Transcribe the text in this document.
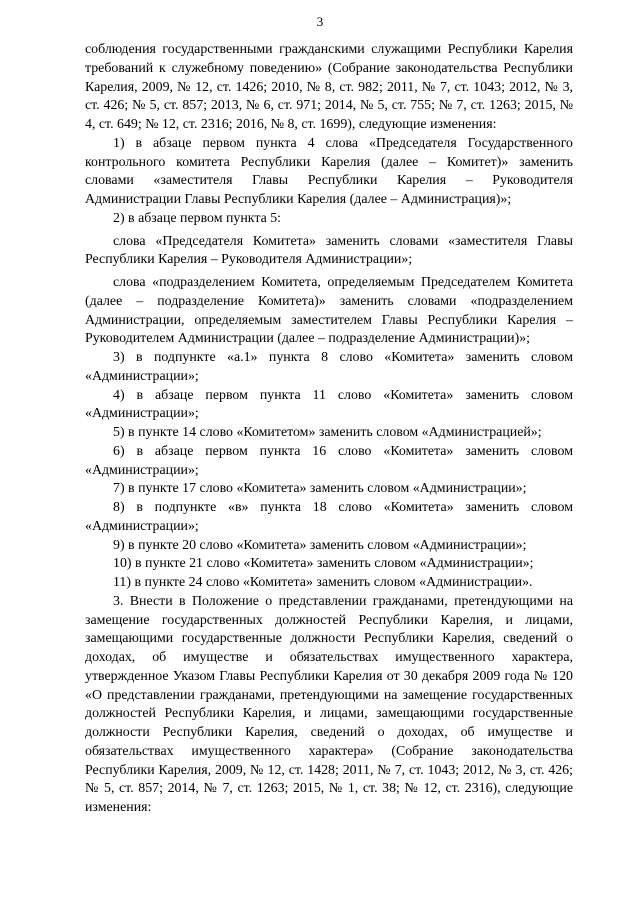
3

соблюдения государственными гражданскими служащими Республики Карелия требований к служебному поведению» (Собрание законодательства Республики Карелия, 2009, № 12, ст. 1426; 2010, № 8, ст. 982; 2011, № 7, ст. 1043; 2012, № 3, ст. 426; № 5, ст. 857; 2013, № 6, ст. 971; 2014, № 5, ст. 755; № 7, ст. 1263; 2015, № 4, ст. 649; № 12, ст. 2316; 2016, № 8, ст. 1699), следующие изменения:

1) в абзаце первом пункта 4 слова «Председателя Государственного контрольного комитета Республики Карелия (далее – Комитет)» заменить словами «заместителя Главы Республики Карелия – Руководителя Администрации Главы Республики Карелия (далее – Администрация)»;

2) в абзаце первом пункта 5:

слова «Председателя Комитета» заменить словами «заместителя Главы Республики Карелия – Руководителя Администрации»;

слова «подразделением Комитета, определяемым Председателем Комитета (далее – подразделение Комитета)» заменить словами «подразделением Администрации, определяемым заместителем Главы Республики Карелия – Руководителем Администрации (далее – подразделение Администрации)»;

3) в подпункте «а.1» пункта 8 слово «Комитета» заменить словом «Администрации»;

4) в абзаце первом пункта 11 слово «Комитета» заменить словом «Администрации»;

5) в пункте 14 слово «Комитетом» заменить словом «Администрацией»;

6) в абзаце первом пункта 16 слово «Комитета» заменить словом «Администрации»;

7) в пункте 17 слово «Комитета» заменить словом «Администрации»;

8) в подпункте «в» пункта 18 слово «Комитета» заменить словом «Администрации»;

9) в пункте 20 слово «Комитета» заменить словом «Администрации»;

10) в пункте 21 слово «Комитета» заменить словом «Администрации»;

11) в пункте 24 слово «Комитета» заменить словом «Администрации».

3. Внести в Положение о представлении гражданами, претендующими на замещение государственных должностей Республики Карелия, и лицами, замещающими государственные должности Республики Карелия, сведений о доходах, об имуществе и обязательствах имущественного характера, утвержденное Указом Главы Республики Карелия от 30 декабря 2009 года № 120 «О представлении гражданами, претендующими на замещение государственных должностей Республики Карелия, и лицами, замещающими государственные должности Республики Карелия, сведений о доходах, об имуществе и обязательствах имущественного характера» (Собрание законодательства Республики Карелия, 2009, № 12, ст. 1428; 2011, № 7, ст. 1043; 2012, № 3, ст. 426; № 5, ст. 857; 2014, № 7, ст. 1263; 2015, № 1, ст. 38; № 12, ст. 2316), следующие изменения:
